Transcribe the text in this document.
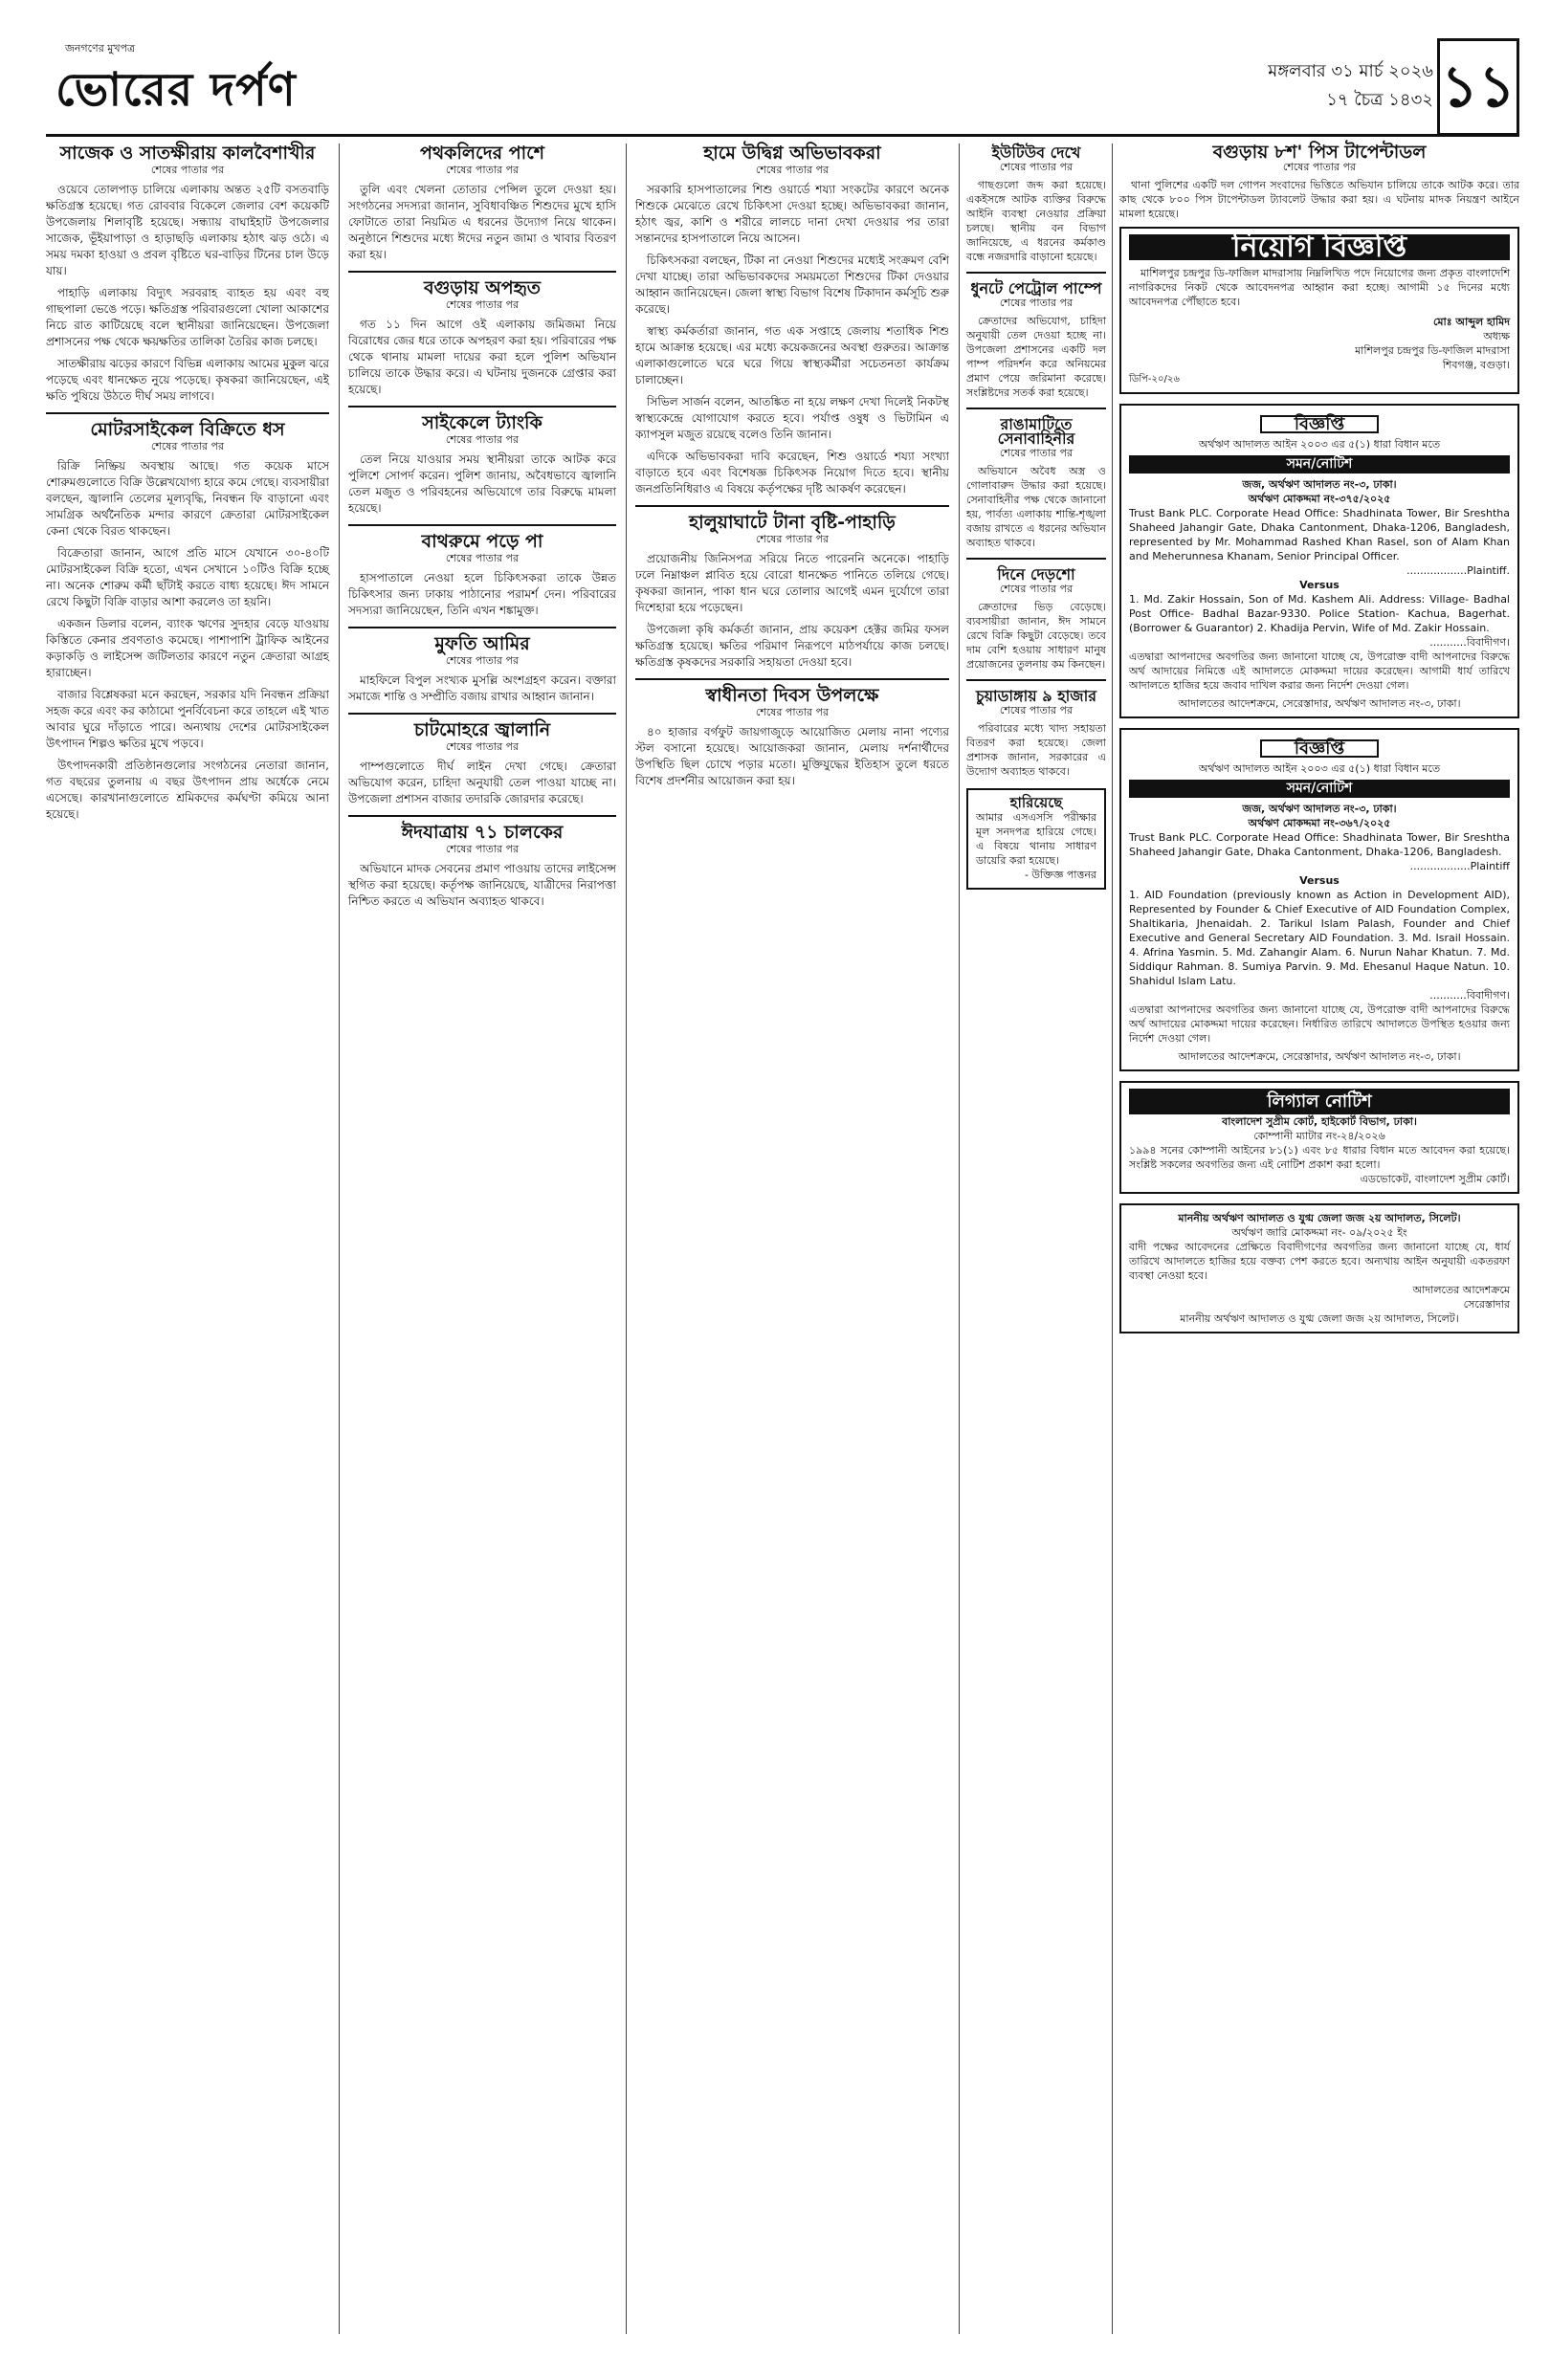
জনগণের মুখপত্র
ভোরের দর্পণ	মঙ্গলবার ৩১ মার্চ ২০২৬
১৭ চৈত্র ১৪৩২ ১১
সাজেক ও সাতক্ষীরায় কালবৈশাখীর
শেষের পাতার পর

ওয়েবে তোলপাড় চালিয়ে এলাকায় অন্তত ২৫টি বসতবাড়ি ক্ষতিগ্রস্ত হয়েছে। গত রোববার বিকেলে জেলার বেশ কয়েকটি উপজেলায় শিলাবৃষ্টি হয়েছে। সন্ধ্যায় বাঘাইহাট উপজেলার সাজেক, ভূঁইয়াপাড়া ও হাড়াছড়ি এলাকায় হঠাৎ ঝড় ওঠে। এ সময় দমকা হাওয়া ও প্রবল বৃষ্টিতে ঘর-বাড়ির টিনের চাল উড়ে যায়।

পাহাড়ি এলাকায় বিদ্যুৎ সরবরাহ ব্যাহত হয় এবং বহু গাছপালা ভেঙে পড়ে। ক্ষতিগ্রস্ত পরিবারগুলো খোলা আকাশের নিচে রাত কাটিয়েছে বলে স্থানীয়রা জানিয়েছেন। উপজেলা প্রশাসনের পক্ষ থেকে ক্ষয়ক্ষতির তালিকা তৈরির কাজ চলছে।

সাতক্ষীরায় ঝড়ের কারণে বিভিন্ন এলাকায় আমের মুকুল ঝরে পড়েছে এবং ধানক্ষেত নুয়ে পড়েছে। কৃষকরা জানিয়েছেন, এই ক্ষতি পুষিয়ে উঠতে দীর্ঘ সময় লাগবে।

মোটরসাইকেল বিক্রিতে ধস
শেষের পাতার পর

রিক্রি নিষ্ক্রিয় অবস্থায় আছে। গত কয়েক মাসে শোরুমগুলোতে বিক্রি উল্লেখযোগ্য হারে কমে গেছে। ব্যবসায়ীরা বলছেন, জ্বালানি তেলের মূল্যবৃদ্ধি, নিবন্ধন ফি বাড়ানো এবং সামগ্রিক অর্থনৈতিক মন্দার কারণে ক্রেতারা মোটরসাইকেল কেনা থেকে বিরত থাকছেন।

বিক্রেতারা জানান, আগে প্রতি মাসে যেখানে ৩০-৪০টি মোটরসাইকেল বিক্রি হতো, এখন সেখানে ১০টিও বিক্রি হচ্ছে না। অনেক শোরুম কর্মী ছাঁটাই করতে বাধ্য হয়েছে। ঈদ সামনে রেখে কিছুটা বিক্রি বাড়ার আশা করলেও তা হয়নি।

একজন ডিলার বলেন, ব্যাংক ঋণের সুদহার বেড়ে যাওয়ায় কিস্তিতে কেনার প্রবণতাও কমেছে। পাশাপাশি ট্রাফিক আইনের কড়াকড়ি ও লাইসেন্স জটিলতার কারণে নতুন ক্রেতারা আগ্রহ হারাচ্ছেন।

বাজার বিশ্লেষকরা মনে করছেন, সরকার যদি নিবন্ধন প্রক্রিয়া সহজ করে এবং কর কাঠামো পুনর্বিবেচনা করে তাহলে এই খাত আবার ঘুরে দাঁড়াতে পারে। অন্যথায় দেশের মোটরসাইকেল উৎপাদন শিল্পও ক্ষতির মুখে পড়বে।

উৎপাদনকারী প্রতিষ্ঠানগুলোর সংগঠনের নেতারা জানান, গত বছরের তুলনায় এ বছর উৎপাদন প্রায় অর্ধেকে নেমে এসেছে। কারখানাগুলোতে শ্রমিকদের কর্মঘণ্টা কমিয়ে আনা হয়েছে।

পথকলিদের পাশে
শেষের পাতার পর

তুলি এবং খেলনা তোতার পেন্সিল তুলে দেওয়া হয়। সংগঠনের সদস্যরা জানান, সুবিধাবঞ্চিত শিশুদের মুখে হাসি ফোটাতে তারা নিয়মিত এ ধরনের উদ্যোগ নিয়ে থাকেন। অনুষ্ঠানে শিশুদের মধ্যে ঈদের নতুন জামা ও খাবার বিতরণ করা হয়।

বগুড়ায় অপহৃত
শেষের পাতার পর

গত ১১ দিন আগে ওই এলাকায় জমিজমা নিয়ে বিরোধের জের ধরে তাকে অপহরণ করা হয়। পরিবারের পক্ষ থেকে থানায় মামলা দায়ের করা হলে পুলিশ অভিযান চালিয়ে তাকে উদ্ধার করে। এ ঘটনায় দুজনকে গ্রেপ্তার করা হয়েছে।

সাইকেলে ট্যাংকি
শেষের পাতার পর

তেল নিয়ে যাওয়ার সময় স্থানীয়রা তাকে আটক করে পুলিশে সোপর্দ করেন। পুলিশ জানায়, অবৈধভাবে জ্বালানি তেল মজুত ও পরিবহনের অভিযোগে তার বিরুদ্ধে মামলা হয়েছে।

বাথরুমে পড়ে পা
শেষের পাতার পর

হাসপাতালে নেওয়া হলে চিকিৎসকরা তাকে উন্নত চিকিৎসার জন্য ঢাকায় পাঠানোর পরামর্শ দেন। পরিবারের সদস্যরা জানিয়েছেন, তিনি এখন শঙ্কামুক্ত।

মুফতি আমির
শেষের পাতার পর

মাহফিলে বিপুল সংখ্যক মুসল্লি অংশগ্রহণ করেন। বক্তারা সমাজে শান্তি ও সম্প্রীতি বজায় রাখার আহ্বান জানান।

চাটমোহরে জ্বালানি
শেষের পাতার পর

পাম্পগুলোতে দীর্ঘ লাইন দেখা গেছে। ক্রেতারা অভিযোগ করেন, চাহিদা অনুযায়ী তেল পাওয়া যাচ্ছে না। উপজেলা প্রশাসন বাজার তদারকি জোরদার করেছে।

ঈদযাত্রায় ৭১ চালকের
শেষের পাতার পর

অভিযানে মাদক সেবনের প্রমাণ পাওয়ায় তাদের লাইসেন্স স্থগিত করা হয়েছে। কর্তৃপক্ষ জানিয়েছে, যাত্রীদের নিরাপত্তা নিশ্চিত করতে এ অভিযান অব্যাহত থাকবে।

হামে উদ্বিগ্ন অভিভাবকরা
শেষের পাতার পর

সরকারি হাসপাতালের শিশু ওয়ার্ডে শয্যা সংকটের কারণে অনেক শিশুকে মেঝেতে রেখে চিকিৎসা দেওয়া হচ্ছে। অভিভাবকরা জানান, হঠাৎ জ্বর, কাশি ও শরীরে লালচে দানা দেখা দেওয়ার পর তারা সন্তানদের হাসপাতালে নিয়ে আসেন।

চিকিৎসকরা বলছেন, টিকা না নেওয়া শিশুদের মধ্যেই সংক্রমণ বেশি দেখা যাচ্ছে। তারা অভিভাবকদের সময়মতো শিশুদের টিকা দেওয়ার আহ্বান জানিয়েছেন। জেলা স্বাস্থ্য বিভাগ বিশেষ টিকাদান কর্মসূচি শুরু করেছে।

স্বাস্থ্য কর্মকর্তারা জানান, গত এক সপ্তাহে জেলায় শতাধিক শিশু হামে আক্রান্ত হয়েছে। এর মধ্যে কয়েকজনের অবস্থা গুরুতর। আক্রান্ত এলাকাগুলোতে ঘরে ঘরে গিয়ে স্বাস্থ্যকর্মীরা সচেতনতা কার্যক্রম চালাচ্ছেন।

সিভিল সার্জন বলেন, আতঙ্কিত না হয়ে লক্ষণ দেখা দিলেই নিকটস্থ স্বাস্থ্যকেন্দ্রে যোগাযোগ করতে হবে। পর্যাপ্ত ওষুধ ও ভিটামিন এ ক্যাপসুল মজুত রয়েছে বলেও তিনি জানান।

এদিকে অভিভাবকরা দাবি করেছেন, শিশু ওয়ার্ডে শয্যা সংখ্যা বাড়াতে হবে এবং বিশেষজ্ঞ চিকিৎসক নিয়োগ দিতে হবে। স্থানীয় জনপ্রতিনিধিরাও এ বিষয়ে কর্তৃপক্ষের দৃষ্টি আকর্ষণ করেছেন।

হালুয়াঘাটে টানা বৃষ্টি-পাহাড়ি
শেষের পাতার পর

প্রয়োজনীয় জিনিসপত্র সরিয়ে নিতে পারেননি অনেকে। পাহাড়ি ঢলে নিম্নাঞ্চল প্লাবিত হয়ে বোরো ধানক্ষেত পানিতে তলিয়ে গেছে। কৃষকরা জানান, পাকা ধান ঘরে তোলার আগেই এমন দুর্যোগে তারা দিশেহারা হয়ে পড়েছেন।

উপজেলা কৃষি কর্মকর্তা জানান, প্রায় কয়েকশ হেক্টর জমির ফসল ক্ষতিগ্রস্ত হয়েছে। ক্ষতির পরিমাণ নিরূপণে মাঠপর্যায়ে কাজ চলছে। ক্ষতিগ্রস্ত কৃষকদের সরকারি সহায়তা দেওয়া হবে।

স্বাধীনতা দিবস উপলক্ষে
শেষের পাতার পর

৪০ হাজার বর্গফুট জায়গাজুড়ে আয়োজিত মেলায় নানা পণ্যের স্টল বসানো হয়েছে। আয়োজকরা জানান, মেলায় দর্শনার্থীদের উপস্থিতি ছিল চোখে পড়ার মতো। মুক্তিযুদ্ধের ইতিহাস তুলে ধরতে বিশেষ প্রদর্শনীর আয়োজন করা হয়।

ইউটিউব দেখে
শেষের পাতার পর

গাছগুলো জব্দ করা হয়েছে। একইসঙ্গে আটক ব্যক্তির বিরুদ্ধে আইনি ব্যবস্থা নেওয়ার প্রক্রিয়া চলছে। স্থানীয় বন বিভাগ জানিয়েছে, এ ধরনের কর্মকাণ্ড বন্ধে নজরদারি বাড়ানো হয়েছে।

ধুনটে পেট্রোল পাম্পে
শেষের পাতার পর

ক্রেতাদের অভিযোগ, চাহিদা অনুযায়ী তেল দেওয়া হচ্ছে না। উপজেলা প্রশাসনের একটি দল পাম্প পরিদর্শন করে অনিয়মের প্রমাণ পেয়ে জরিমানা করেছে। সংশ্লিষ্টদের সতর্ক করা হয়েছে।

রাঙামাটিতে সেনাবাহিনীর
শেষের পাতার পর

অভিযানে অবৈধ অস্ত্র ও গোলাবারুদ উদ্ধার করা হয়েছে। সেনাবাহিনীর পক্ষ থেকে জানানো হয়, পার্বত্য এলাকায় শান্তি-শৃঙ্খলা বজায় রাখতে এ ধরনের অভিযান অব্যাহত থাকবে।

দিনে দেড়শো
শেষের পাতার পর

ক্রেতাদের ভিড় বেড়েছে। ব্যবসায়ীরা জানান, ঈদ সামনে রেখে বিক্রি কিছুটা বেড়েছে। তবে দাম বেশি হওয়ায় সাধারণ মানুষ প্রয়োজনের তুলনায় কম কিনছেন।

চুয়াডাঙ্গায় ৯ হাজার
শেষের পাতার পর

পরিবারের মধ্যে খাদ্য সহায়তা বিতরণ করা হয়েছে। জেলা প্রশাসক জানান, সরকারের এ উদ্যোগ অব্যাহত থাকবে।

হারিয়েছে
আমার এসএসসি পরীক্ষার মূল সনদপত্র হারিয়ে গেছে। এ বিষয়ে থানায় সাধারণ ডায়েরি করা হয়েছে।
- উক্তিজ্ঞ পাত্তনর
বগুড়ায় ৮শ' পিস টাপেন্টাডল
শেষের পাতার পর

থানা পুলিশের একটি দল গোপন সংবাদের ভিত্তিতে অভিযান চালিয়ে তাকে আটক করে। তার কাছ থেকে ৮০০ পিস টাপেন্টাডল ট্যাবলেট উদ্ধার করা হয়। এ ঘটনায় মাদক নিয়ন্ত্রণ আইনে মামলা হয়েছে।

নিয়োগ বিজ্ঞপ্তি

মাশিলপুর চন্দ্রপুর ডি-ফাজিল মাদরাসায় নিম্নলিখিত পদে নিয়োগের জন্য প্রকৃত বাংলাদেশি নাগরিকদের নিকট থেকে আবেদনপত্র আহ্বান করা হচ্ছে। আগামী ১৫ দিনের মধ্যে আবেদনপত্র পৌঁছাতে হবে।

মোঃ আব্দুল হামিদ
অধ্যক্ষ
মাশিলপুর চন্দ্রপুর ডি-ফাজিল মাদরাসা
শিবগঞ্জ, বগুড়া।
ডিপি-২০/২৬
বিজ্ঞপ্তি
অর্থঋণ আদালত আইন ২০০৩ এর ৫(১) ধারা বিধান মতে
সমন/নোটিশ
জজ, অর্থঋণ আদালত নং-৩, ঢাকা।
অর্থঋণ মোকদ্দমা নং-৩৭৫/২০২৫
Trust Bank PLC. Corporate Head Office: Shadhinata Tower, Bir Sreshtha Shaheed Jahangir Gate, Dhaka Cantonment, Dhaka-1206, Bangladesh, represented by Mr. Mohammad Rashed Khan Rasel, son of Alam Khan and Meherunnesa Khanam, Senior Principal Officer.
..................Plaintiff.
Versus
1. Md. Zakir Hossain, Son of Md. Kashem Ali. Address: Village- Badhal Post Office- Badhal Bazar-9330. Police Station- Kachua, Bagerhat. (Borrower & Guarantor) 2. Khadija Pervin, Wife of Md. Zakir Hossain.
...........বিবাদীগণ।
এতদ্বারা আপনাদের অবগতির জন্য জানানো যাচ্ছে যে, উপরোক্ত বাদী আপনাদের বিরুদ্ধে অর্থ আদায়ের নিমিত্তে এই আদালতে মোকদ্দমা দায়ের করেছেন। আগামী ধার্য তারিখে আদালতে হাজির হয়ে জবাব দাখিল করার জন্য নির্দেশ দেওয়া গেল।
আদালতের আদেশক্রমে, সেরেস্তাদার, অর্থঋণ আদালত নং-৩, ঢাকা।
বিজ্ঞপ্তি
অর্থঋণ আদালত আইন ২০০৩ এর ৫(১) ধারা বিধান মতে
সমন/নোটিশ
জজ, অর্থঋণ আদালত নং-৩, ঢাকা।
অর্থঋণ মোকদ্দমা নং-৩৬৭/২০২৫
Trust Bank PLC. Corporate Head Office: Shadhinata Tower, Bir Sreshtha Shaheed Jahangir Gate, Dhaka Cantonment, Dhaka-1206, Bangladesh.
..................Plaintiff
Versus
1. AID Foundation (previously known as Action in Development AID), Represented by Founder & Chief Executive of AID Foundation Complex, Shaltikaria, Jhenaidah. 2. Tarikul Islam Palash, Founder and Chief Executive and General Secretary AID Foundation. 3. Md. Israil Hossain. 4. Afrina Yasmin. 5. Md. Zahangir Alam. 6. Nurun Nahar Khatun. 7. Md. Siddiqur Rahman. 8. Sumiya Parvin. 9. Md. Ehesanul Haque Natun. 10. Shahidul Islam Latu.
...........বিবাদীগণ।
এতদ্বারা আপনাদের অবগতির জন্য জানানো যাচ্ছে যে, উপরোক্ত বাদী আপনাদের বিরুদ্ধে অর্থ আদায়ের মোকদ্দমা দায়ের করেছেন। নির্ধারিত তারিখে আদালতে উপস্থিত হওয়ার জন্য নির্দেশ দেওয়া গেল।
আদালতের আদেশক্রমে, সেরেস্তাদার, অর্থঋণ আদালত নং-৩, ঢাকা।
লিগ্যাল নোটিশ
বাংলাদেশ সুপ্রীম কোর্ট, হাইকোর্ট বিভাগ, ঢাকা।
কোম্পানী ম্যাটার নং-২৪/২০২৬
১৯৯৪ সনের কোম্পানী আইনের ৮১(১) এবং ৮৫ ধারার বিধান মতে আবেদন করা হয়েছে। সংশ্লিষ্ট সকলের অবগতির জন্য এই নোটিশ প্রকাশ করা হলো।
এডভোকেট, বাংলাদেশ সুপ্রীম কোর্ট।
মাননীয় অর্থঋণ আদালত ও যুগ্ম জেলা জজ ২য় আদালত, সিলেট।
অর্থঋণ জারি মোকদ্দমা নং- ০৯/২০২৫ ইং
বাদী পক্ষের আবেদনের প্রেক্ষিতে বিবাদীগণের অবগতির জন্য জানানো যাচ্ছে যে, ধার্য তারিখে আদালতে হাজির হয়ে বক্তব্য পেশ করতে হবে। অন্যথায় আইন অনুযায়ী একতরফা ব্যবস্থা নেওয়া হবে।
আদালতের আদেশক্রমে
সেরেস্তাদার
মাননীয় অর্থঋণ আদালত ও যুগ্ম জেলা জজ ২য় আদালত, সিলেট।
